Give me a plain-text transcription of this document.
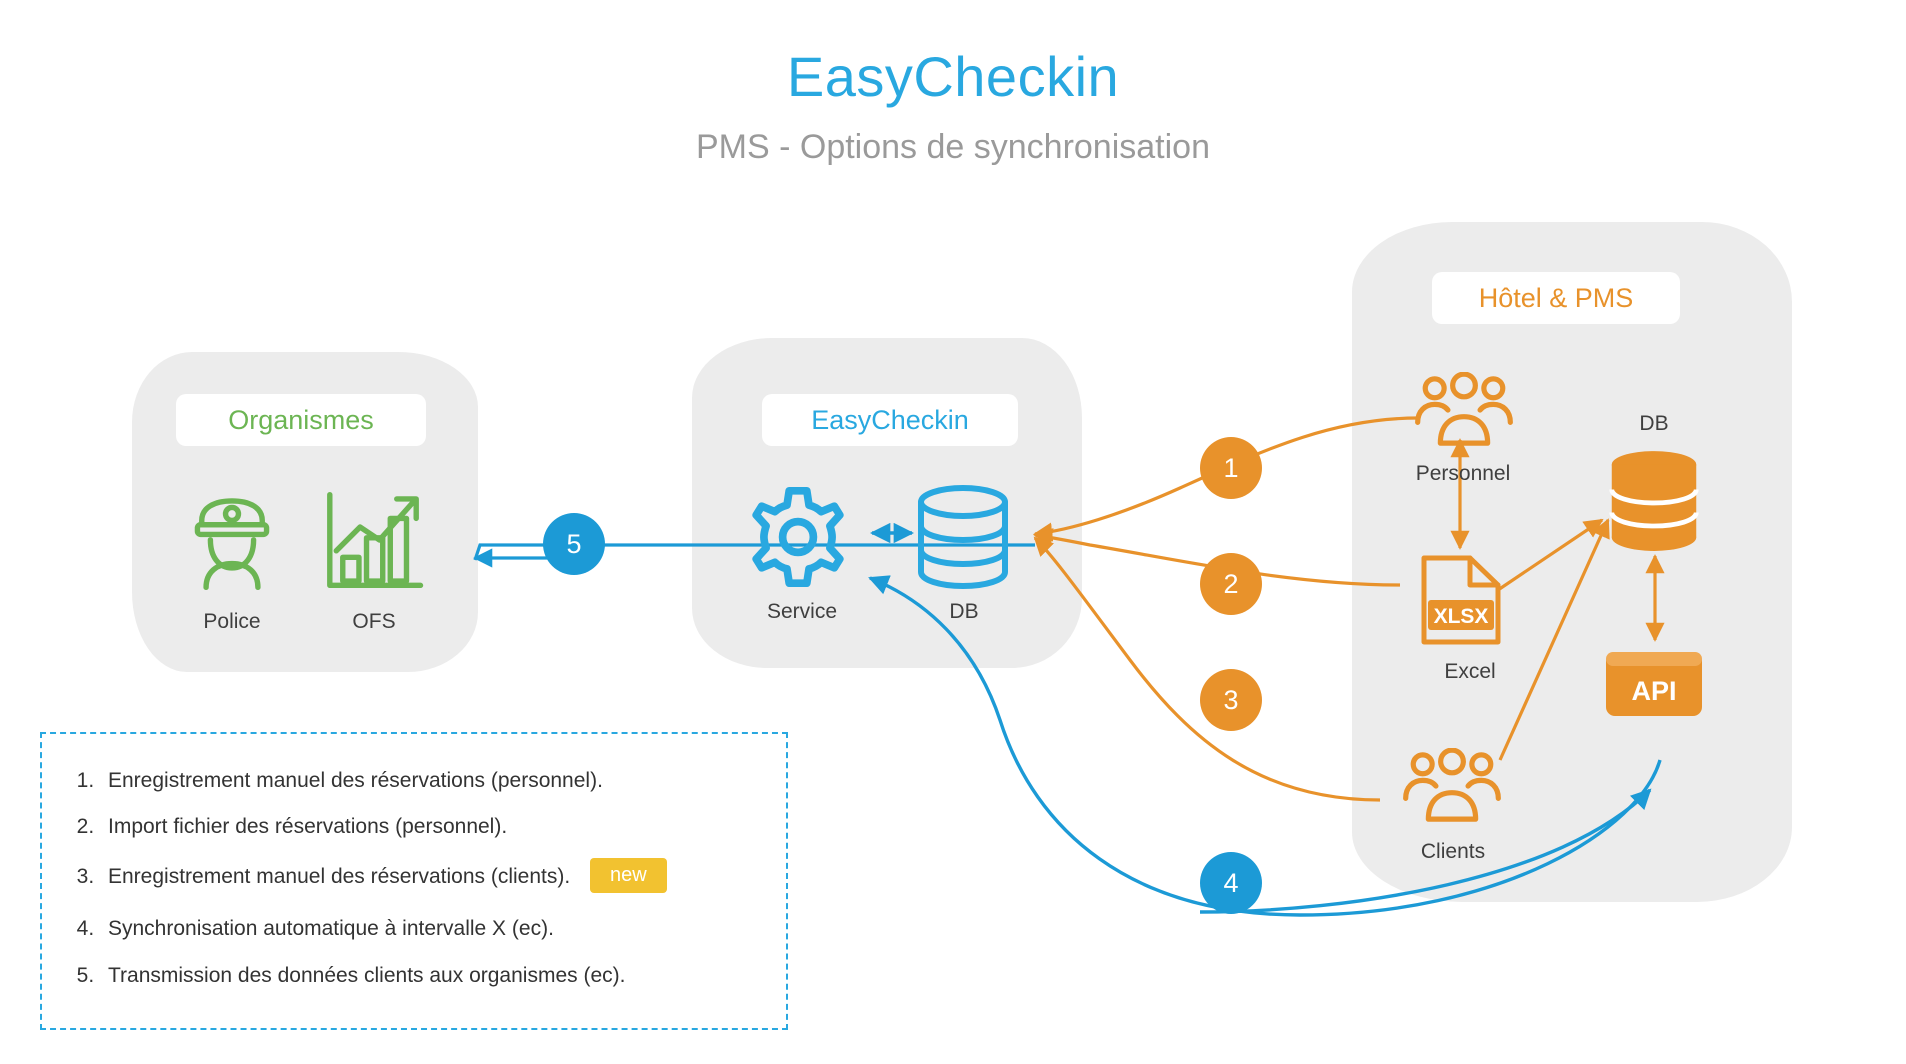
EasyCheckin
PMS - Options de synchronisation
Organismes	EasyCheckin
Hôtel & PMS
Police	OFS	Service	DB
Personnel
XLSX
Excel
Clients
DB
API
1
2
3
4
5
1. Enregistrement manuel des réservations (personnel).
2. Import fichier des réservations (personnel).
3. Enregistrement manuel des réservations (clients). new
4. Synchronisation automatique à intervalle X (ec).
5. Transmission des données clients aux organismes (ec).
